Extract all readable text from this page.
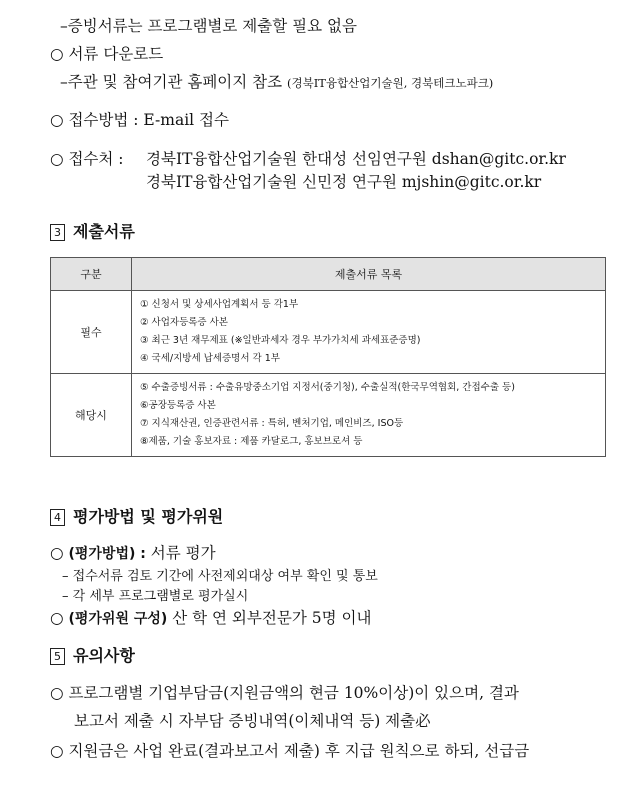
–증빙서류는 프로그램별로 제출할 필요 없음
○ 서류 다운로드
–주관 및 참여기관 홈페이지 참조 (경북IT융합산업기술원, 경북테크노파크)
○ 접수방법 : E-mail 접수
○ 접수처 : 경북IT융합산업기술원 한대성 선임연구원 dshan@gitc.or.kr
경북IT융합산업기술원 신민정 연구원 mjshin@gitc.or.kr
3 제출서류
구분	제출서류 목록
필수	① 신청서 및 상세사업계획서 등 각1부
② 사업자등록증 사본
③ 최근 3년 재무제표 (※일반과세자 경우 부가가치세 과세표준증명)
④ 국세/지방세 납세증명서 각 1부

해당시	⑤ 수출증빙서류 : 수출유망중소기업 지정서(중기청), 수출실적(한국무역협회, 간접수출 등)
⑥공장등록증 사본
⑦ 지식재산권, 인증관련서류 : 특허, 벤처기업, 메인비즈, ISO등
⑧제품, 기술 홍보자료 : 제품 카달로그, 홍보브로셔 등
4 평가방법 및 평가위원
○ (평가방법) : 서류 평가
– 접수서류 검토 기간에 사전제외대상 여부 확인 및 통보
– 각 세부 프로그램별로 평가실시
○ (평가위원 구성) 산 학 연 외부전문가 5명 이내
5 유의사항
○ 프로그램별 기업부담금(지원금액의 현금 10%이상)이 있으며, 결과
보고서 제출 시 자부담 증빙내역(이체내역 등) 제출必
○ 지원금은 사업 완료(결과보고서 제출) 후 지급 원칙으로 하되, 선급금
